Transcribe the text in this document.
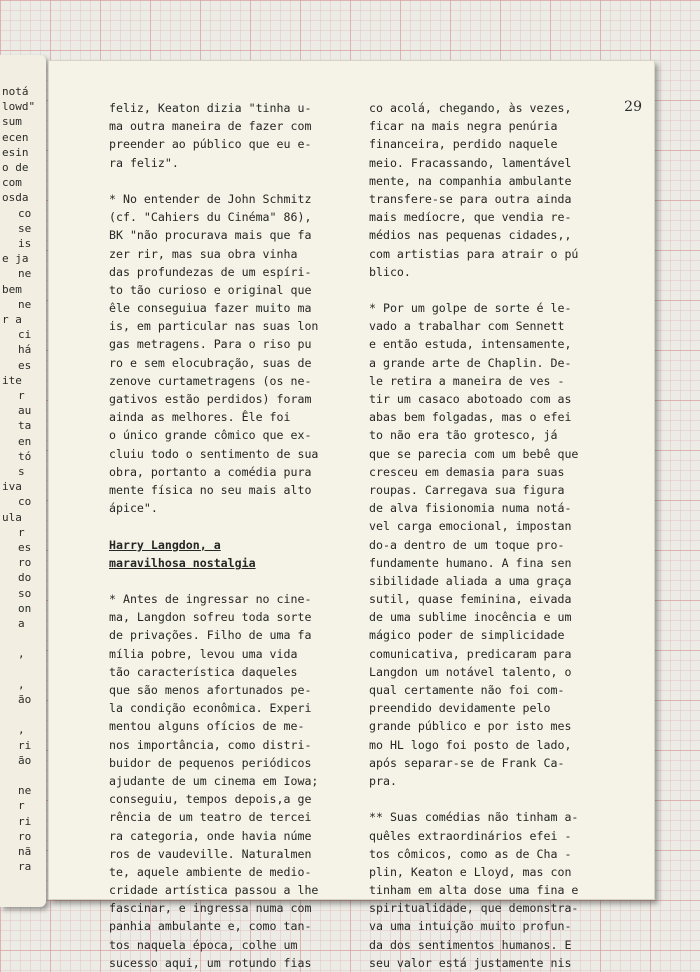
notá
lowd"
sum
ecen
esin
o de
com
osda
co
se
is
e ja
ne
bem
ne
r a
ci
há
es
ite
r
au
ta
en
tó
s
iva
co
ula
r
es
ro
do
so
on
a
,
,
ão
,
ri
ão
ne
r
ri
ro
nã
ra
29
feliz, Keaton dizia "tinha u-
ma outra maneira de fazer com
preender ao público que eu e-
ra feliz".
* No entender de John Schmitz
(cf. "Cahiers du Cinéma" 86),
BK "não procurava mais que fa
zer rir, mas sua obra vinha
das profundezas de um espíri-
to tão curioso e original que
êle conseguiua fazer muito ma
is, em particular nas suas lon
gas metragens. Para o riso pu
ro e sem elocubração, suas de
zenove curtametragens (os ne-
gativos estão perdidos) foram
ainda as melhores. Êle foi
o único grande cômico que ex-
cluiu todo o sentimento de sua
obra, portanto a comédia pura
mente física no seu mais alto
ápice".
Harry Langdon, a
maravilhosa nostalgia
* Antes de ingressar no cine-
ma, Langdon sofreu toda sorte
de privações. Filho de uma fa
mília pobre, levou uma vida
tão característica daqueles
que são menos afortunados pe-
la condição econômica. Experi
mentou alguns ofícios de me-
nos importância, como distri-
buidor de pequenos periódicos
ajudante de um cinema em Iowa;
conseguiu, tempos depois,a ge
rência de um teatro de tercei
ra categoria, onde havia núme
ros de vaudeville. Naturalmen
te, aquele ambiente de medio-
cridade artística passou a lhe
fascinar, e ingressa numa com
panhia ambulante e, como tan-
tos naquela época, colhe um
sucesso aqui, um rotundo fias
co acolá, chegando, às vezes,
ficar na mais negra penúria
financeira, perdido naquele
meio. Fracassando, lamentável
mente, na companhia ambulante
transfere-se para outra ainda
mais medíocre, que vendia re-
médios nas pequenas cidades,,
com artistias para atrair o pú
blico.
* Por um golpe de sorte é le-
vado a trabalhar com Sennett
e então estuda, intensamente,
a grande arte de Chaplin. De-
le retira a maneira de ves -
tir um casaco abotoado com as
abas bem folgadas, mas o efei
to não era tão grotesco, já
que se parecia com um bebê que
cresceu em demasia para suas
roupas. Carregava sua figura
de alva fisionomia numa notá-
vel carga emocional, impostan
do-a dentro de um toque pro-
fundamente humano. A fina sen
sibilidade aliada a uma graça
sutil, quase feminina, eivada
de uma sublime inocência e um
mágico poder de simplicidade
comunicativa, predicaram para
Langdon um notável talento, o
qual certamente não foi com-
preendido devidamente pelo
grande público e por isto mes
mo HL logo foi posto de lado,
após separar-se de Frank Ca-
pra.
** Suas comédias não tinham a-
quêles extraordinários efei -
tos cômicos, como as de Cha -
plin, Keaton e Lloyd, mas con
tinham em alta dose uma fina e
spiritualidade, que demonstra-
va uma intuição muito profun-
da dos sentimentos humanos. E
seu valor está justamente nis
